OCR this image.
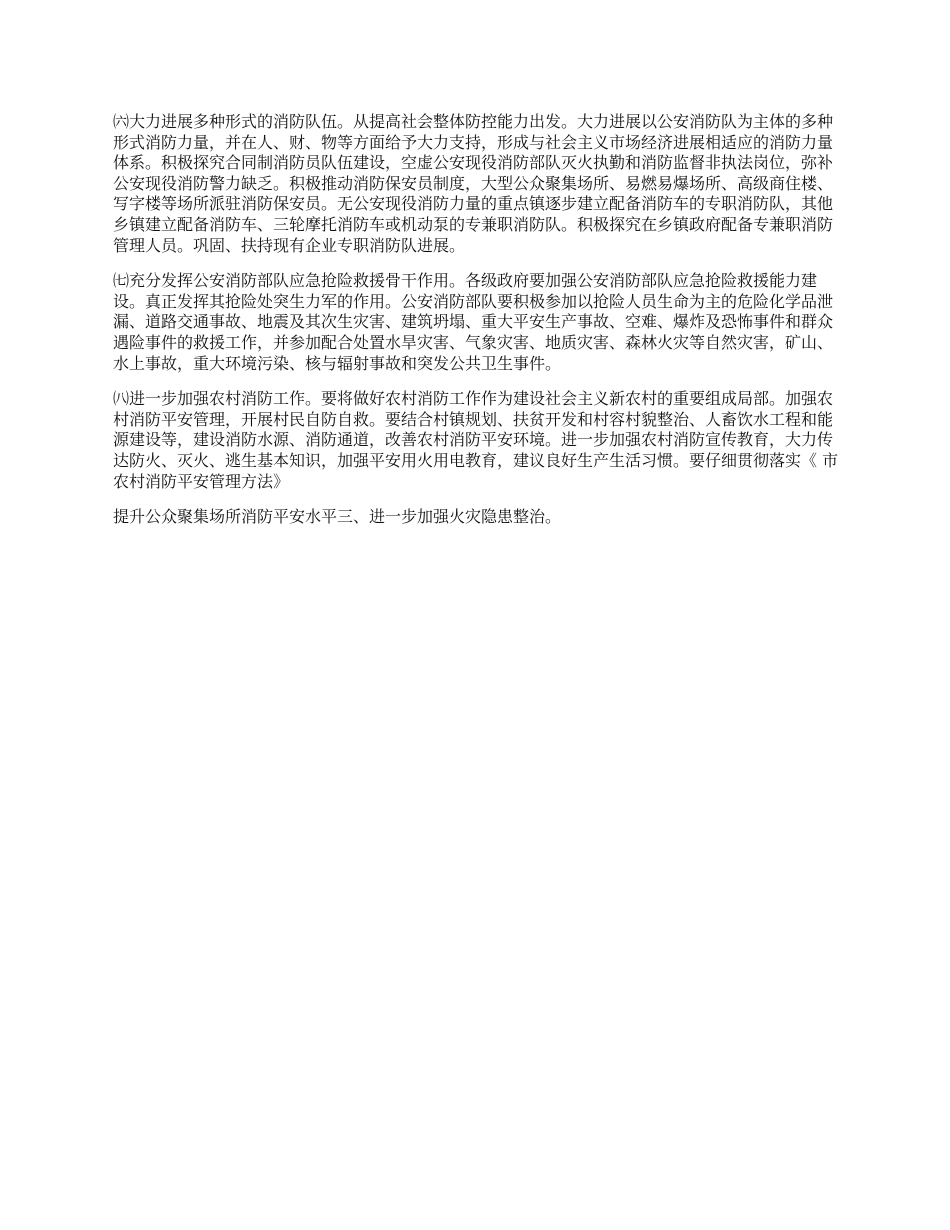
㈥大力进展多种形式的消防队伍。从提高社会整体防控能力出发。大力进展以公安消防队为主体的多种形式消防力量，并在人、财、物等方面给予大力支持，形成与社会主义市场经济进展相适应的消防力量体系。积极探究合同制消防员队伍建设，空虚公安现役消防部队灭火执勤和消防监督非执法岗位，弥补公安现役消防警力缺乏。积极推动消防保安员制度，大型公众聚集场所、易燃易爆场所、高级商住楼、写字楼等场所派驻消防保安员。无公安现役消防力量的重点镇逐步建立配备消防车的专职消防队，其他乡镇建立配备消防车、三轮摩托消防车或机动泵的专兼职消防队。积极探究在乡镇政府配备专兼职消防管理人员。巩固、扶持现有企业专职消防队进展。

㈦充分发挥公安消防部队应急抢险救援骨干作用。各级政府要加强公安消防部队应急抢险救援能力建设。真正发挥其抢险处突生力军的作用。公安消防部队要积极参加以抢险人员生命为主的危险化学品泄漏、道路交通事故、地震及其次生灾害、建筑坍塌、重大平安生产事故、空难、爆炸及恐怖事件和群众遇险事件的救援工作，并参加配合处置水旱灾害、气象灾害、地质灾害、森林火灾等自然灾害，矿山、水上事故，重大环境污染、核与辐射事故和突发公共卫生事件。

㈧进一步加强农村消防工作。要将做好农村消防工作作为建设社会主义新农村的重要组成局部。加强农村消防平安管理，开展村民自防自救。要结合村镇规划、扶贫开发和村容村貌整治、人畜饮水工程和能源建设等，建设消防水源、消防通道，改善农村消防平安环境。进一步加强农村消防宣传教育，大力传达防火、灭火、逃生基本知识，加强平安用火用电教育，建议良好生产生活习惯。要仔细贯彻落实《 市农村消防平安管理方法》

提升公众聚集场所消防平安水平三、进一步加强火灾隐患整治。
